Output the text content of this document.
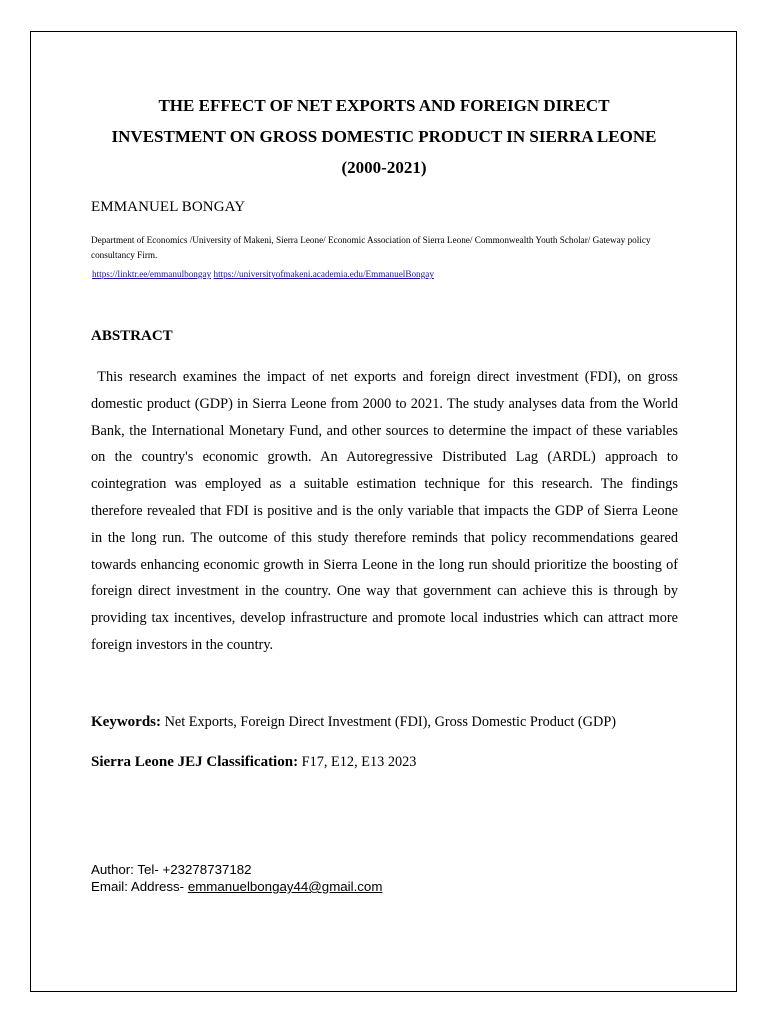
THE EFFECT OF NET EXPORTS AND FOREIGN DIRECT
INVESTMENT ON GROSS DOMESTIC PRODUCT IN SIERRA LEONE
(2000-2021)
EMMANUEL BONGAY
Department of Economics /University of Makeni, Sierra Leone/ Economic Association of Sierra Leone/ Commonwealth Youth Scholar/ Gateway policy consultancy Firm.
https://linktr.ee/emmanulbongay https://universityofmakeni.academia.edu/EmmanuelBongay
ABSTRACT
This research examines the impact of net exports and foreign direct investment (FDI), on gross domestic product (GDP) in Sierra Leone from 2000 to 2021. The study analyses data from the World Bank, the International Monetary Fund, and other sources to determine the impact of these variables on the country's economic growth. An Autoregressive Distributed Lag (ARDL) approach to cointegration was employed as a suitable estimation technique for this research. The findings therefore revealed that FDI is positive and is the only variable that impacts the GDP of Sierra Leone in the long run. The outcome of this study therefore reminds that policy recommendations geared towards enhancing economic growth in Sierra Leone in the long run should prioritize the boosting of foreign direct investment in the country. One way that government can achieve this is through by providing tax incentives, develop infrastructure and promote local industries which can attract more foreign investors in the country.
Keywords: Net Exports, Foreign Direct Investment (FDI), Gross Domestic Product (GDP)
Sierra Leone JEJ Classification: F17, E12, E13 2023
Author: Tel- +23278737182
Email: Address- emmanuelbongay44@gmail.com
